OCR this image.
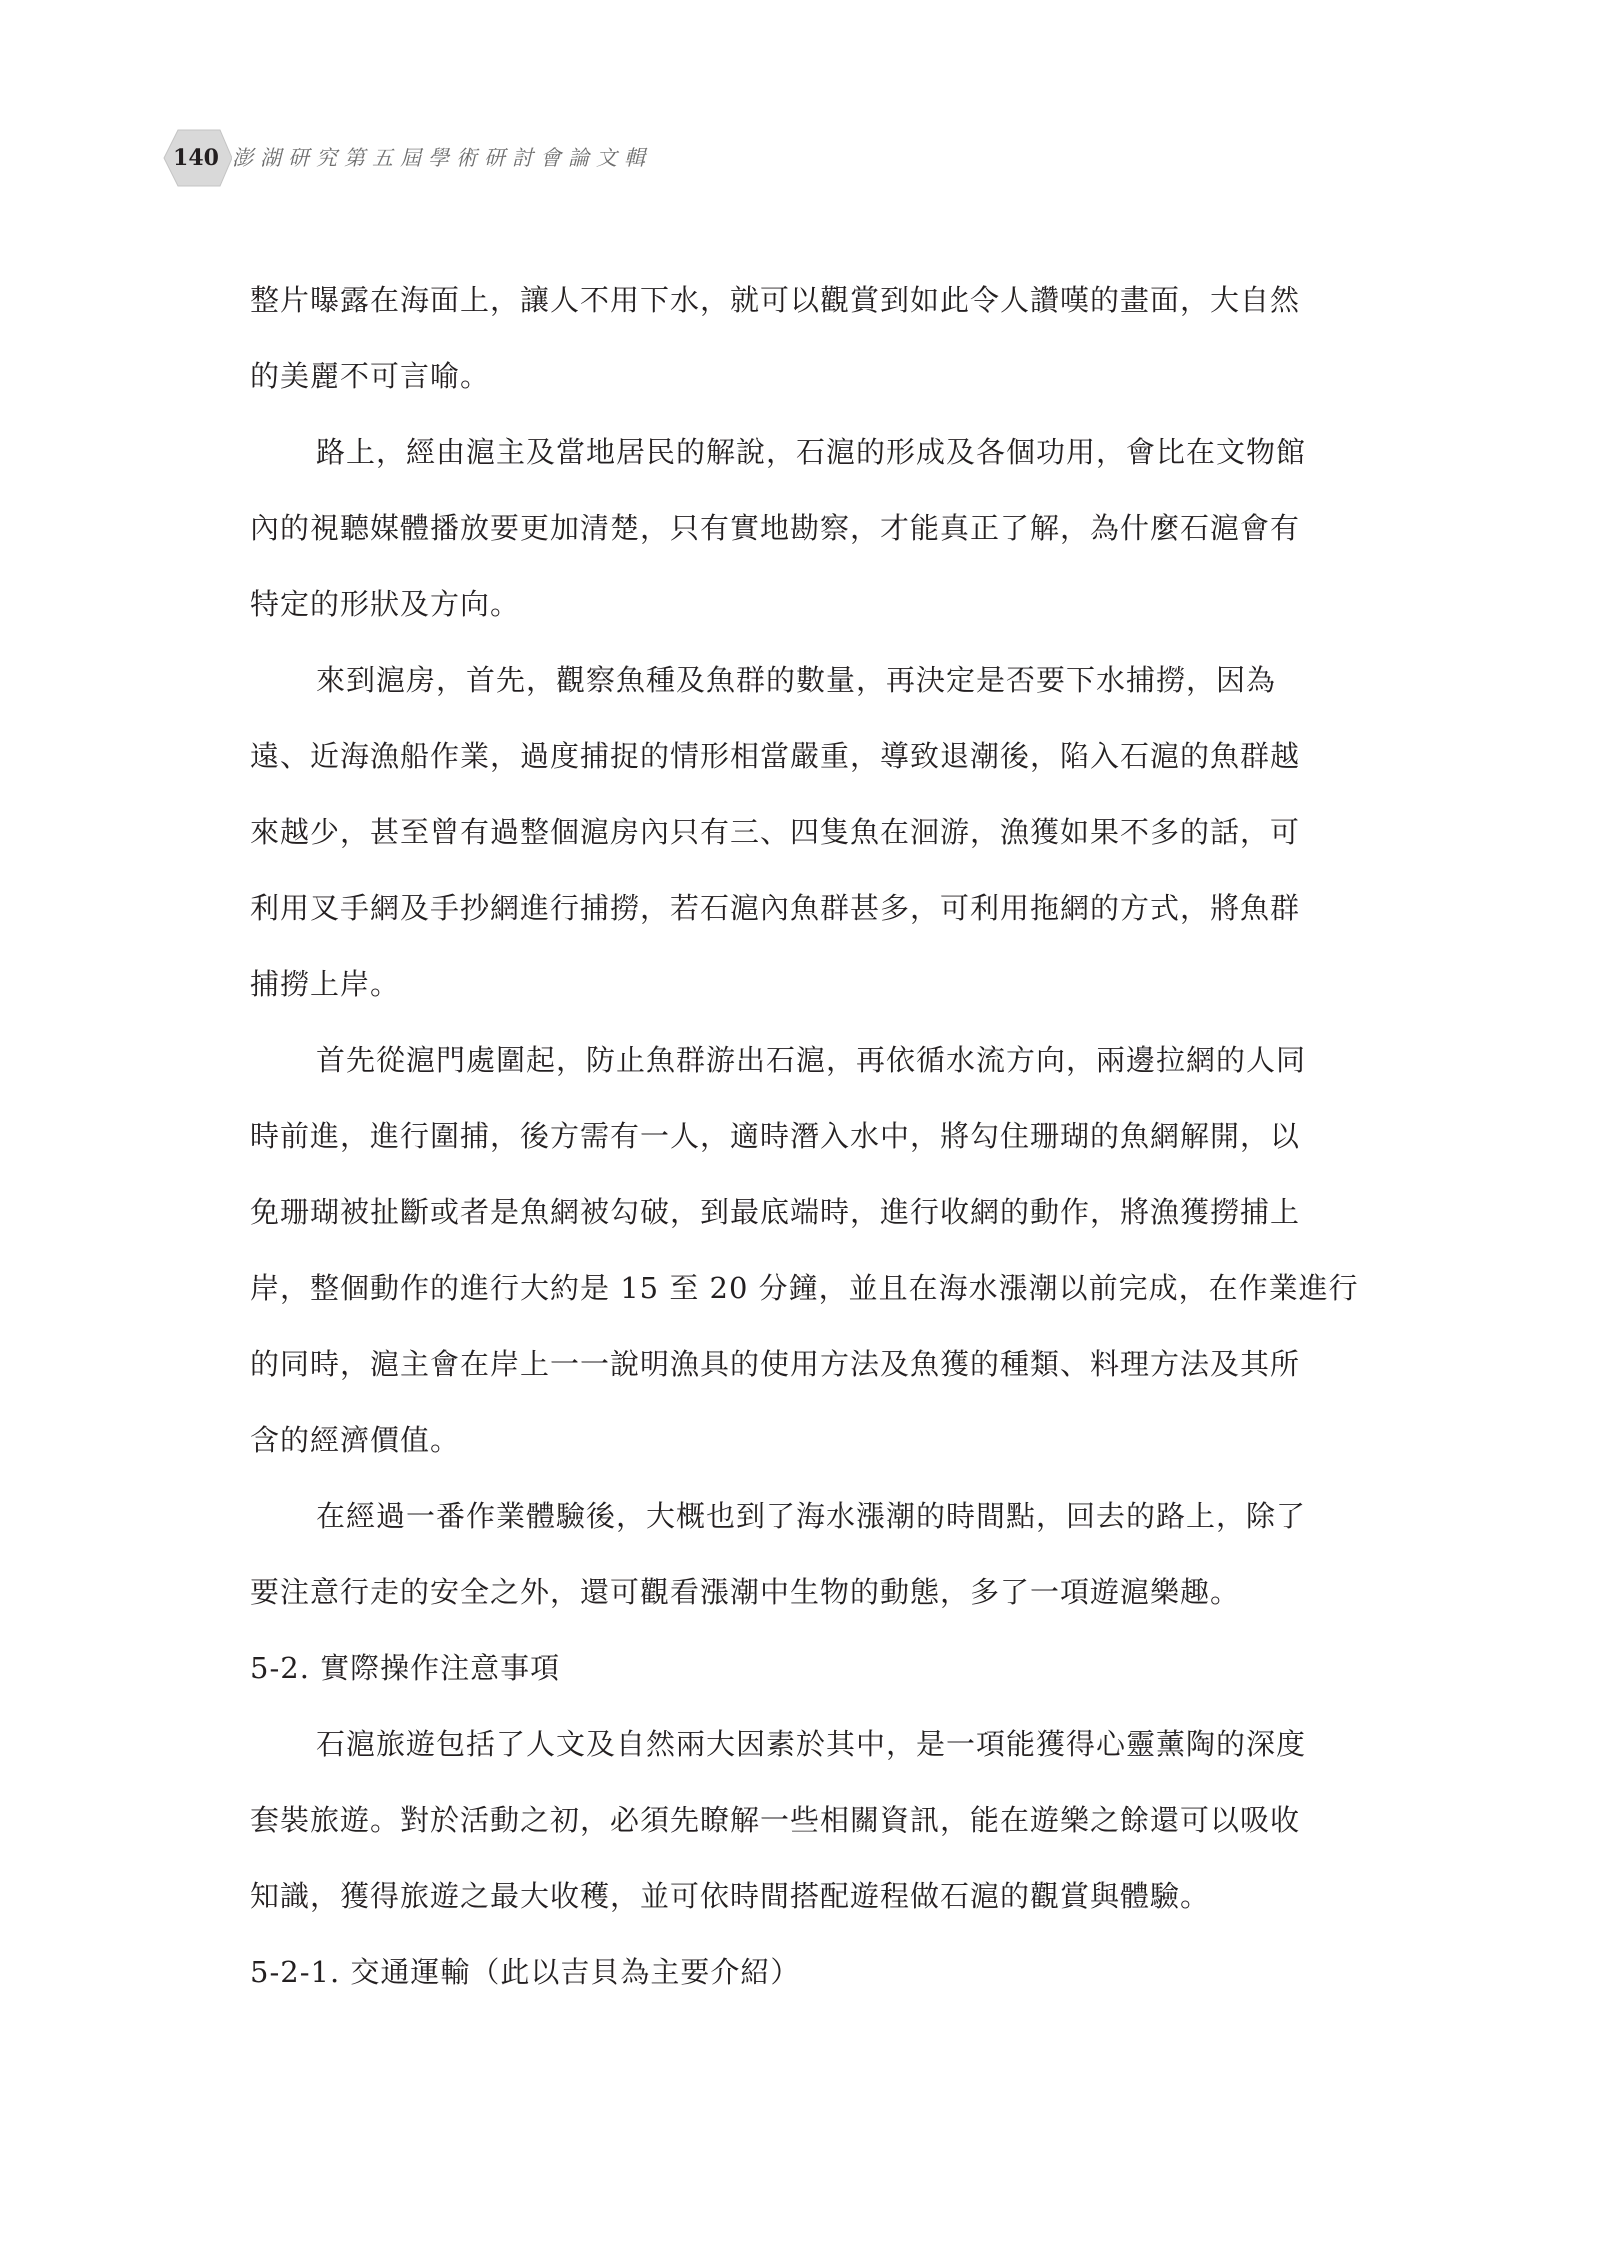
140 澎湖研究第五屆學術研討會論文輯
整片曝露在海面上，讓人不用下水，就可以觀賞到如此令人讚嘆的畫面，大自然
的美麗不可言喻。
路上，經由滬主及當地居民的解說，石滬的形成及各個功用，會比在文物館
內的視聽媒體播放要更加清楚，只有實地勘察，才能真正了解，為什麼石滬會有
特定的形狀及方向。
來到滬房，首先，觀察魚種及魚群的數量，再決定是否要下水捕撈，因為
遠、近海漁船作業，過度捕捉的情形相當嚴重，導致退潮後，陷入石滬的魚群越
來越少，甚至曾有過整個滬房內只有三、四隻魚在洄游，漁獲如果不多的話，可
利用叉手網及手抄網進行捕撈，若石滬內魚群甚多，可利用拖網的方式，將魚群
捕撈上岸。
首先從滬門處圍起，防止魚群游出石滬，再依循水流方向，兩邊拉網的人同
時前進，進行圍捕，後方需有一人，適時潛入水中，將勾住珊瑚的魚網解開，以
免珊瑚被扯斷或者是魚網被勾破，到最底端時，進行收網的動作，將漁獲撈捕上
岸，整個動作的進行大約是 15 至 20 分鐘，並且在海水漲潮以前完成，在作業進行
的同時，滬主會在岸上一一說明漁具的使用方法及魚獲的種類、料理方法及其所
含的經濟價值。
在經過一番作業體驗後，大概也到了海水漲潮的時間點，回去的路上，除了
要注意行走的安全之外，還可觀看漲潮中生物的動態，多了一項遊滬樂趣。
5-2. 實際操作注意事項
石滬旅遊包括了人文及自然兩大因素於其中，是一項能獲得心靈薰陶的深度
套裝旅遊。對於活動之初，必須先瞭解一些相關資訊，能在遊樂之餘還可以吸收
知識，獲得旅遊之最大收穫，並可依時間搭配遊程做石滬的觀賞與體驗。
5-2-1. 交通運輸（此以吉貝為主要介紹）
